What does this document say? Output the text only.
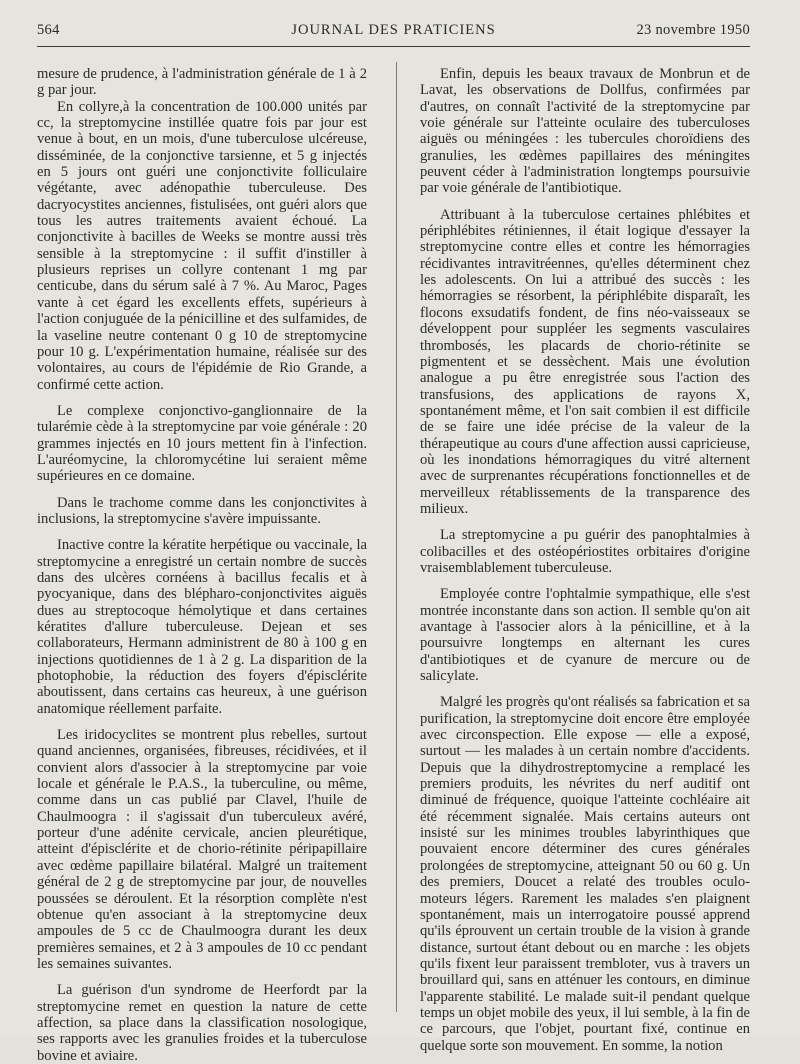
564	JOURNAL DES PRATICIENS	23 novembre 1950

mesure de prudence, à l'administration générale de 1 à 2 g par jour.
En collyre,à la concentration de 100.000 unités par cc, la streptomycine instillée quatre fois par jour est venue à bout, en un mois, d'une tuberculose ulcéreuse, disséminée, de la conjonctive tarsienne, et 5 g injectés en 5 jours ont guéri une conjonctivite folliculaire végétante, avec adénopathie tuberculeuse. Des dacryocystites anciennes, fistulisées, ont guéri alors que tous les autres traitements avaient échoué. La conjonctivite à bacilles de Weeks se montre aussi très sensible à la streptomycine : il suffit d'instiller à plusieurs reprises un collyre contenant 1 mg par centicube, dans du sérum salé à 7 %. Au Maroc, Pages vante à cet égard les excellents effets, supérieurs à l'action conjuguée de la pénicilline et des sulfamides, de la vaseline neutre contenant 0 g 10 de streptomycine pour 10 g. L'expérimentation humaine, réalisée sur des volontaires, au cours de l'épidémie de Rio Grande, a confirmé cette action.

Le complexe conjonctivo-ganglionnaire de la tularémie cède à la streptomycine par voie générale : 20 grammes injectés en 10 jours mettent fin à l'infection. L'auréomycine, la chloromycétine lui seraient même supérieures en ce domaine.

Dans le trachome comme dans les conjonctivites à inclusions, la streptomycine s'avère impuissante.

Inactive contre la kératite herpétique ou vaccinale, la streptomycine a enregistré un certain nombre de succès dans des ulcères cornéens à bacillus fecalis et à pyocyanique, dans des blépharo-conjonctivites aiguës dues au streptocoque hémolytique et dans certaines kératites d'allure tuberculeuse. Dejean et ses collaborateurs, Hermann administrent de 80 à 100 g en injections quotidiennes de 1 à 2 g. La disparition de la photophobie, la réduction des foyers d'épisclérite aboutissent, dans certains cas heureux, à une guérison anatomique réellement parfaite.

Les iridocyclites se montrent plus rebelles, surtout quand anciennes, organisées, fibreuses, récidivées, et il convient alors d'associer à la streptomycine par voie locale et générale le P.A.S., la tuberculine, ou même, comme dans un cas publié par Clavel, l'huile de Chaulmoogra : il s'agissait d'un tuberculeux avéré, porteur d'une adénite cervicale, ancien pleurétique, atteint d'épisclérite et de chorio-rétinite péripapillaire avec œdème papillaire bilatéral. Malgré un traitement général de 2 g de streptomycine par jour, de nouvelles poussées se déroulent. Et la résorption complète n'est obtenue qu'en associant à la streptomycine deux ampoules de 5 cc de Chaulmoogra durant les deux premières semaines, et 2 à 3 ampoules de 10 cc pendant les semaines suivantes.

La guérison d'un syndrome de Heerfordt par la streptomycine remet en question la nature de cette affection, sa place dans la classification nosologique, ses rapports avec les granulies froides et la tuberculose bovine et aviaire.

Enfin, depuis les beaux travaux de Monbrun et de Lavat, les observations de Dollfus, confirmées par d'autres, on connaît l'activité de la streptomycine par voie générale sur l'atteinte oculaire des tuberculoses aiguës ou méningées : les tubercules choroïdiens des granulies, les œdèmes papillaires des méningites peuvent céder à l'administration longtemps poursuivie par voie générale de l'antibiotique.

Attribuant à la tuberculose certaines phlébites et périphlébites rétiniennes, il était logique d'essayer la streptomycine contre elles et contre les hémorragies récidivantes intravitréennes, qu'elles déterminent chez les adolescents. On lui a attribué des succès : les hémorragies se résorbent, la périphlébite disparaît, les flocons exsudatifs fondent, de fins néo-vaisseaux se développent pour suppléer les segments vasculaires thrombosés, les placards de chorio-rétinite se pigmentent et se dessèchent. Mais une évolution analogue a pu être enregistrée sous l'action des transfusions, des applications de rayons X, spontanément même, et l'on sait combien il est difficile de se faire une idée précise de la valeur de la thérapeutique au cours d'une affection aussi capricieuse, où les inondations hémorragiques du vitré alternent avec de surprenantes récupérations fonctionnelles et de merveilleux rétablissements de la transparence des milieux.

La streptomycine a pu guérir des panophtalmies à colibacilles et des ostéopériostites orbitaires d'origine vraisemblablement tuberculeuse.

Employée contre l'ophtalmie sympathique, elle s'est montrée inconstante dans son action. Il semble qu'on ait avantage à l'associer alors à la pénicilline, et à la poursuivre longtemps en alternant les cures d'antibiotiques et de cyanure de mercure ou de salicylate.

Malgré les progrès qu'ont réalisés sa fabrication et sa purification, la streptomycine doit encore être employée avec circonspection. Elle expose — elle a exposé, surtout — les malades à un certain nombre d'accidents. Depuis que la dihydrostreptomycine a remplacé les premiers produits, les névrites du nerf auditif ont diminué de fréquence, quoique l'atteinte cochléaire ait été récemment signalée. Mais certains auteurs ont insisté sur les minimes troubles labyrinthiques que pouvaient encore déterminer des cures générales prolongées de streptomycine, atteignant 50 ou 60 g. Un des premiers, Doucet a relaté des troubles oculo-moteurs légers. Rarement les malades s'en plaignent spontanément, mais un interrogatoire poussé apprend qu'ils éprouvent un certain trouble de la vision à grande distance, surtout étant debout ou en marche : les objets qu'ils fixent leur paraissent trembloter, vus à travers un brouillard qui, sans en atténuer les contours, en diminue l'apparente stabilité. Le malade suit-il pendant quelque temps un objet mobile des yeux, il lui semble, à la fin de ce parcours, que l'objet, pourtant fixé, continue en quelque sorte son mouvement. En somme, la notion
